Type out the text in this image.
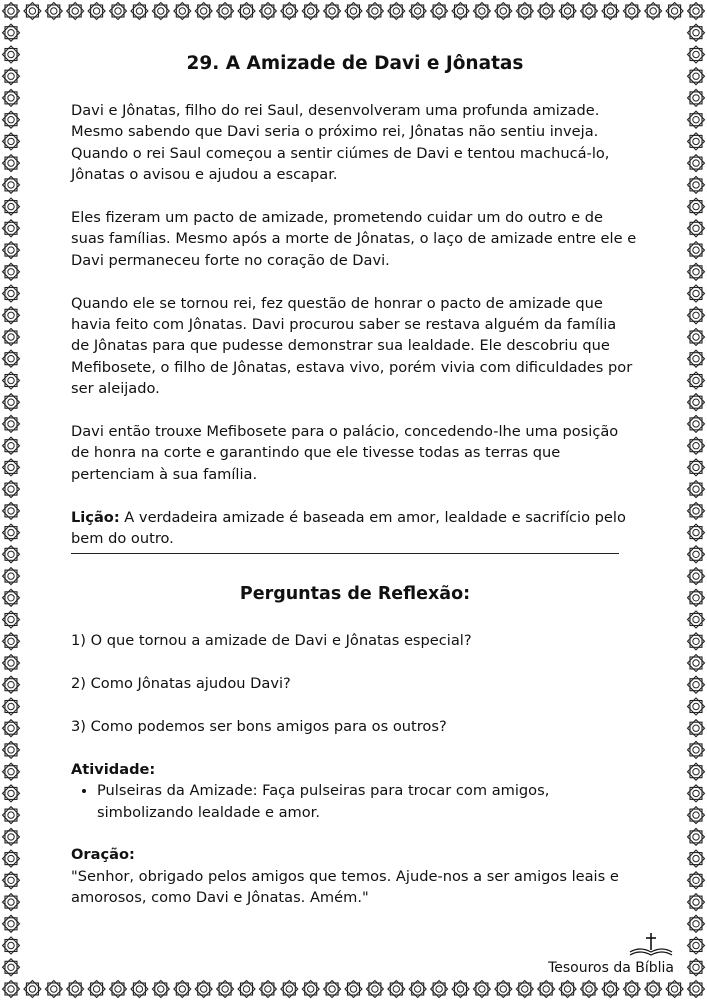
29. A Amizade de Davi e Jônatas

Davi e Jônatas, filho do rei Saul, desenvolveram uma profunda amizade. Mesmo sabendo que Davi seria o próximo rei, Jônatas não sentiu inveja. Quando o rei Saul começou a sentir ciúmes de Davi e tentou machucá-lo, Jônatas o avisou e ajudou a escapar.

Eles fizeram um pacto de amizade, prometendo cuidar um do outro e de suas famílias. Mesmo após a morte de Jônatas, o laço de amizade entre ele e Davi permaneceu forte no coração de Davi.

Quando ele se tornou rei, fez questão de honrar o pacto de amizade que havia feito com Jônatas. Davi procurou saber se restava alguém da família de Jônatas para que pudesse demonstrar sua lealdade. Ele descobriu que Mefibosete, o filho de Jônatas, estava vivo, porém vivia com dificuldades por ser aleijado.

Davi então trouxe Mefibosete para o palácio, concedendo-lhe uma posição de honra na corte e garantindo que ele tivesse todas as terras que pertenciam à sua família.

Lição: A verdadeira amizade é baseada em amor, lealdade e sacrifício pelo bem do outro.

Perguntas de Reflexão:

1) O que tornou a amizade de Davi e Jônatas especial?

2) Como Jônatas ajudou Davi?

3) Como podemos ser bons amigos para os outros?

Atividade:
• Pulseiras da Amizade: Faça pulseiras para trocar com amigos, simbolizando lealdade e amor.
Oração:
"Senhor, obrigado pelos amigos que temos. Ajude-nos a ser amigos leais e amorosos, como Davi e Jônatas. Amém."
Tesouros da Bíblia
